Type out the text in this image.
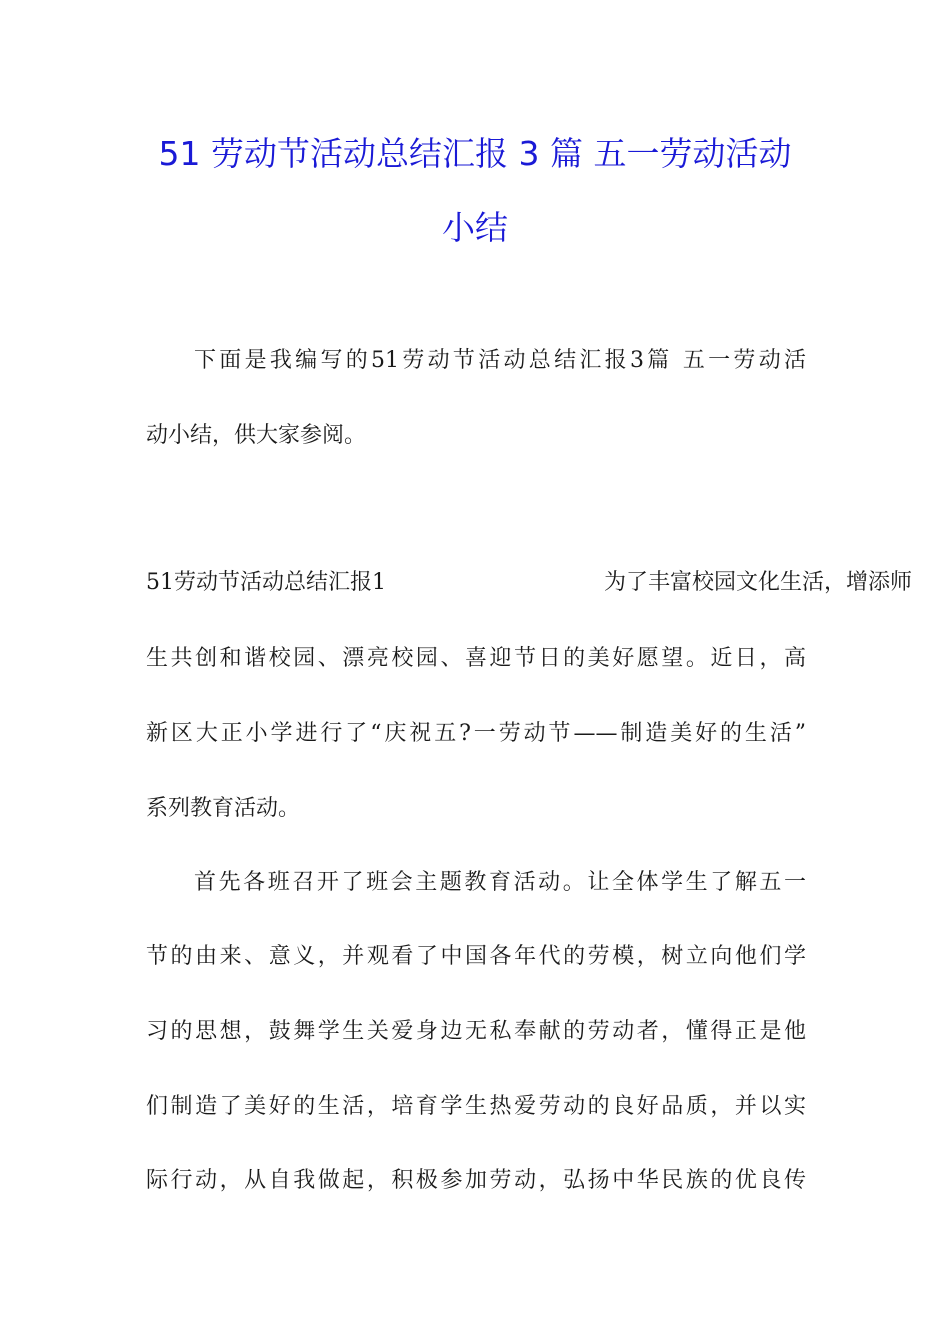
51 劳动节活动总结汇报 3 篇 五一劳动活动
小结
下面是我编写的51劳动节活动总结汇报3篇 五一劳动活
动小结，供大家参阅。
51劳动节活动总结汇报1	为了丰富校园文化生活，增添师
生共创和谐校园、漂亮校园、喜迎节日的美好愿望。近日，高
新区大正小学进行了“庆祝五?一劳动节——制造美好的生活”
系列教育活动。
首先各班召开了班会主题教育活动。让全体学生了解五一
节的由来、意义，并观看了中国各年代的劳模，树立向他们学
习的思想，鼓舞学生关爱身边无私奉献的劳动者，懂得正是他
们制造了美好的生活，培育学生热爱劳动的良好品质，并以实
际行动，从自我做起，积极参加劳动，弘扬中华民族的优良传
